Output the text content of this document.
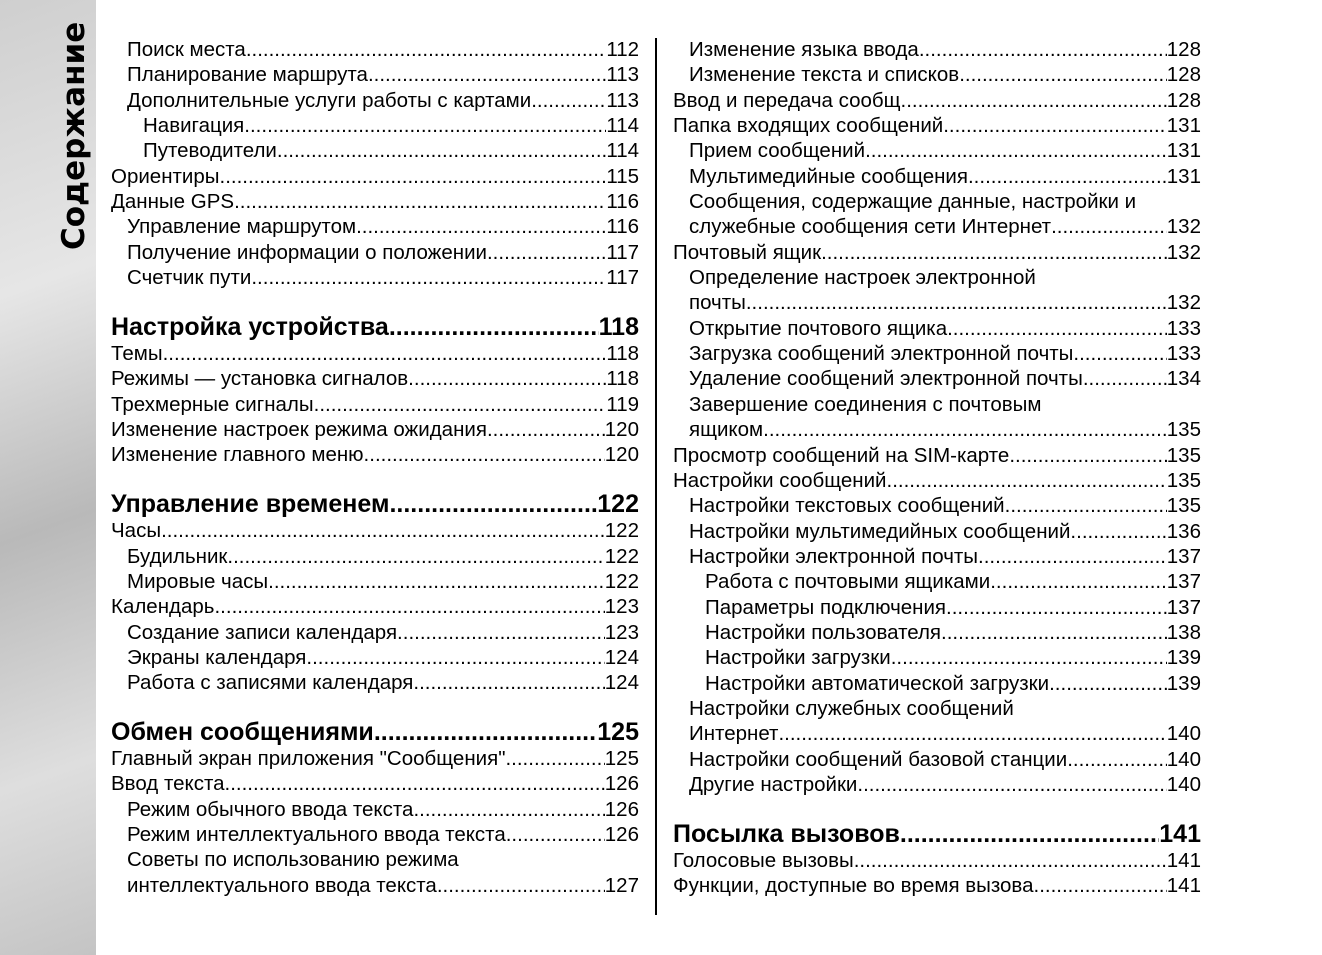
Содержание Поиск места .....	112
Планирование маршрута .....	113
Дополнительные услуги работы с картами .....	113
Навигация .....	114
Путеводители .....	114
Ориентиры .....	115
Данные GPS .....	116
Управление маршрутом .....	116
Получение информации о положении .....	117
Счетчик пути .....	117
Настройка устройства .....	118
Темы .....	118
Режимы — установка сигналов .....	118
Трехмерные сигналы .....	119
Изменение настроек режима ожидания .....	120
Изменение главного меню .....	120
Управление временем .....	122
Часы .....	122
Будильник .....	122
Мировые часы .....	122
Календарь .....	123
Создание записи календаря .....	123
Экраны календаря .....	124
Работа с записями календаря .....	124
Обмен сообщениями .....	125
Главный экран приложения "Сообщения" .....	125
Ввод текста .....	126
Режим обычного ввода текста .....	126
Режим интеллектуального ввода текста .....	126
Советы по использованию режима
интеллектуального ввода текста .....	127
Изменение языка ввода .....	128
Изменение текста и списков .....	128
Ввод и передача сообщ .....	128
Папка входящих сообщений .....	131
Прием сообщений .....	131
Мультимедийные сообщения .....	131
Сообщения, содержащие данные, настройки и
служебные сообщения сети Интернет .....	132
Почтовый ящик .....	132
Определение настроек электронной
почты .....	132
Открытие почтового ящика .....	133
Загрузка сообщений электронной почты .....	133
Удаление сообщений электронной почты .....	134
Завершение соединения с почтовым
ящиком .....	135
Просмотр сообщений на SIM-карте .....	135
Настройки сообщений .....	135
Настройки текстовых сообщений .....	135
Настройки мультимедийных сообщений .....	136
Настройки электронной почты .....	137
Работа с почтовыми ящиками .....	137
Параметры подключения .....	137
Настройки пользователя .....	138
Настройки загрузки .....	139
Настройки автоматической загрузки .....	139
Настройки служебных сообщений
Интернет .....	140
Настройки сообщений базовой станции .....	140
Другие настройки .....	140
Посылка вызовов .....	141
Голосовые вызовы .....	141
Функции, доступные во время вызова .....	141
